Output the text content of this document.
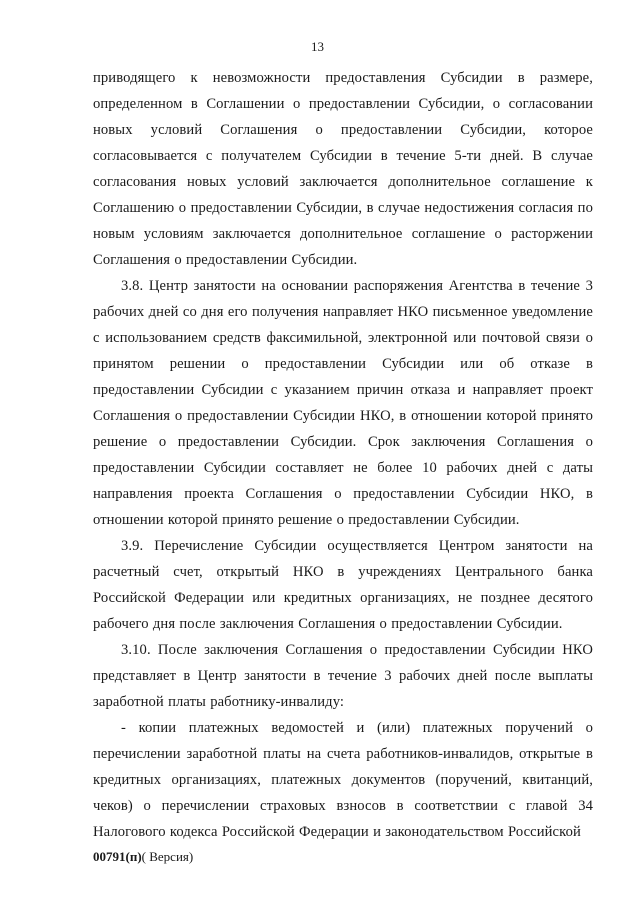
13

приводящего к невозможности предоставления Субсидии в размере, определенном в Соглашении о предоставлении Субсидии, о согласовании новых условий Соглашения о предоставлении Субсидии, которое согласовывается с получателем Субсидии в течение 5-ти дней. В случае согласования новых условий заключается дополнительное соглашение к Соглашению о предоставлении Субсидии, в случае недостижения согласия по новым условиям заключается дополнительное соглашение о расторжении Соглашения о предоставлении Субсидии.

3.8. Центр занятости на основании распоряжения Агентства в течение 3 рабочих дней со дня его получения направляет НКО письменное уведомление с использованием средств факсимильной, электронной или почтовой связи о принятом решении о предоставлении Субсидии или об отказе в предоставлении Субсидии с указанием причин отказа и направляет проект Соглашения о предоставлении Субсидии НКО, в отношении которой принято решение о предоставлении Субсидии. Срок заключения Соглашения о предоставлении Субсидии составляет не более 10 рабочих дней с даты направления проекта Соглашения о предоставлении Субсидии НКО, в отношении которой принято решение о предоставлении Субсидии.

3.9. Перечисление Субсидии осуществляется Центром занятости на расчетный счет, открытый НКО в учреждениях Центрального банка Российской Федерации или кредитных организациях, не позднее десятого рабочего дня после заключения Соглашения о предоставлении Субсидии.

3.10. После заключения Соглашения о предоставлении Субсидии НКО представляет в Центр занятости в течение 3 рабочих дней после выплаты заработной платы работнику-инвалиду:

- копии платежных ведомостей и (или) платежных поручений о перечислении заработной платы на счета работников-инвалидов, открытые в кредитных организациях, платежных документов (поручений, квитанций, чеков) о перечислении страховых взносов в соответствии с главой 34 Налогового кодекса Российской Федерации и законодательством Российской

00791(п)( Версия)
